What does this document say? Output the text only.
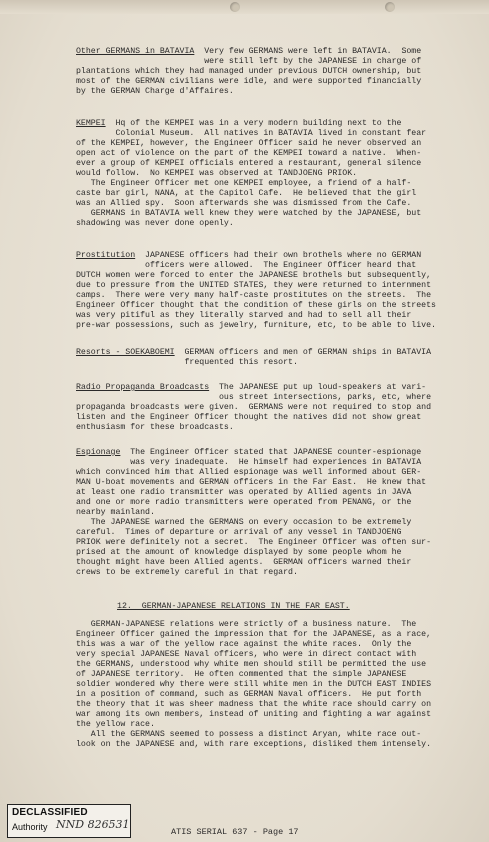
Other GERMANS in BATAVIA  Very few GERMANS were left in BATAVIA.  Some
were still left by the JAPANESE in charge of
plantations which they had managed under previous DUTCH ownership, but
most of the GERMAN civilians were idle, and were supported financially
by the GERMAN Charge d'Affaires.
KEMPEI  Hq of the KEMPEI was in a very modern building next to the
Colonial Museum.  All natives in BATAVIA lived in constant fear
of the KEMPEI, however, the Engineer Officer said he never observed an
open act of violence on the part of the KEMPEI toward a native.  When-
ever a group of KEMPEI officials entered a restaurant, general silence
would follow.  No KEMPEI was observed at TANDJOENG PRIOK.
The Engineer Officer met one KEMPEI employee, a friend of a half-
caste bar girl, NANA, at the Capitol Cafe.  He believed that the girl
was an Allied spy.  Soon afterwards she was dismissed from the Cafe.
GERMANS in BATAVIA well knew they were watched by the JAPANESE, but
shadowing was never done openly.
Prostitution  JAPANESE officers had their own brothels where no GERMAN
officers were allowed.  The Engineer Officer heard that
DUTCH women were forced to enter the JAPANESE brothels but subsequently,
due to pressure from the UNITED STATES, they were returned to internment
camps.  There were very many half-caste prostitutes on the streets.  The
Engineer Officer thought that the condition of these girls on the streets
was very pitiful as they literally starved and had to sell all their
pre-war possessions, such as jewelry, furniture, etc, to be able to live.
Resorts - SOEKABOEMI  GERMAN officers and men of GERMAN ships in BATAVIA
frequented this resort.
Radio Propaganda Broadcasts  The JAPANESE put up loud-speakers at vari-
ous street intersections, parks, etc, where
propaganda broadcasts were given.  GERMANS were not required to stop and
listen and the Engineer Officer thought the natives did not show great
enthusiasm for these broadcasts.
Espionage  The Engineer Officer stated that JAPANESE counter-espionage
was very inadequate.  He himself had experiences in BATAVIA
which convinced him that Allied espionage was well informed about GER-
MAN U-boat movements and GERMAN officers in the Far East.  He knew that
at least one radio transmitter was operated by Allied agents in JAVA
and one or more radio transmitters were operated from PENANG, or the
nearby mainland.
The JAPANESE warned the GERMANS on every occasion to be extremely
careful.  Times of departure or arrival of any vessel in TANDJOENG
PRIOK were definitely not a secret.  The Engineer Officer was often sur-
prised at the amount of knowledge displayed by some people whom he
thought might have been Allied agents.  GERMAN officers warned their
crews to be extremely careful in that regard.
12.  GERMAN-JAPANESE RELATIONS IN THE FAR EAST.
GERMAN-JAPANESE relations were strictly of a business nature.  The
Engineer Officer gained the impression that for the JAPANESE, as a race,
this was a war of the yellow race against the white races.  Only the
very special JAPANESE Naval officers, who were in direct contact with
the GERMANS, understood why white men should still be permitted the use
of JAPANESE territory.  He often commented that the simple JAPANESE
soldier wondered why there were still white men in the DUTCH EAST INDIES
in a position of command, such as GERMAN Naval officers.  He put forth
the theory that it was sheer madness that the white race should carry on
war among its own members, instead of uniting and fighting a war against
the yellow race.
All the GERMANS seemed to possess a distinct Aryan, white race out-
look on the JAPANESE and, with rare exceptions, disliked them intensely.
DECLASSIFIED
Authority NND 826531
ATIS SERIAL 637 - Page 17
